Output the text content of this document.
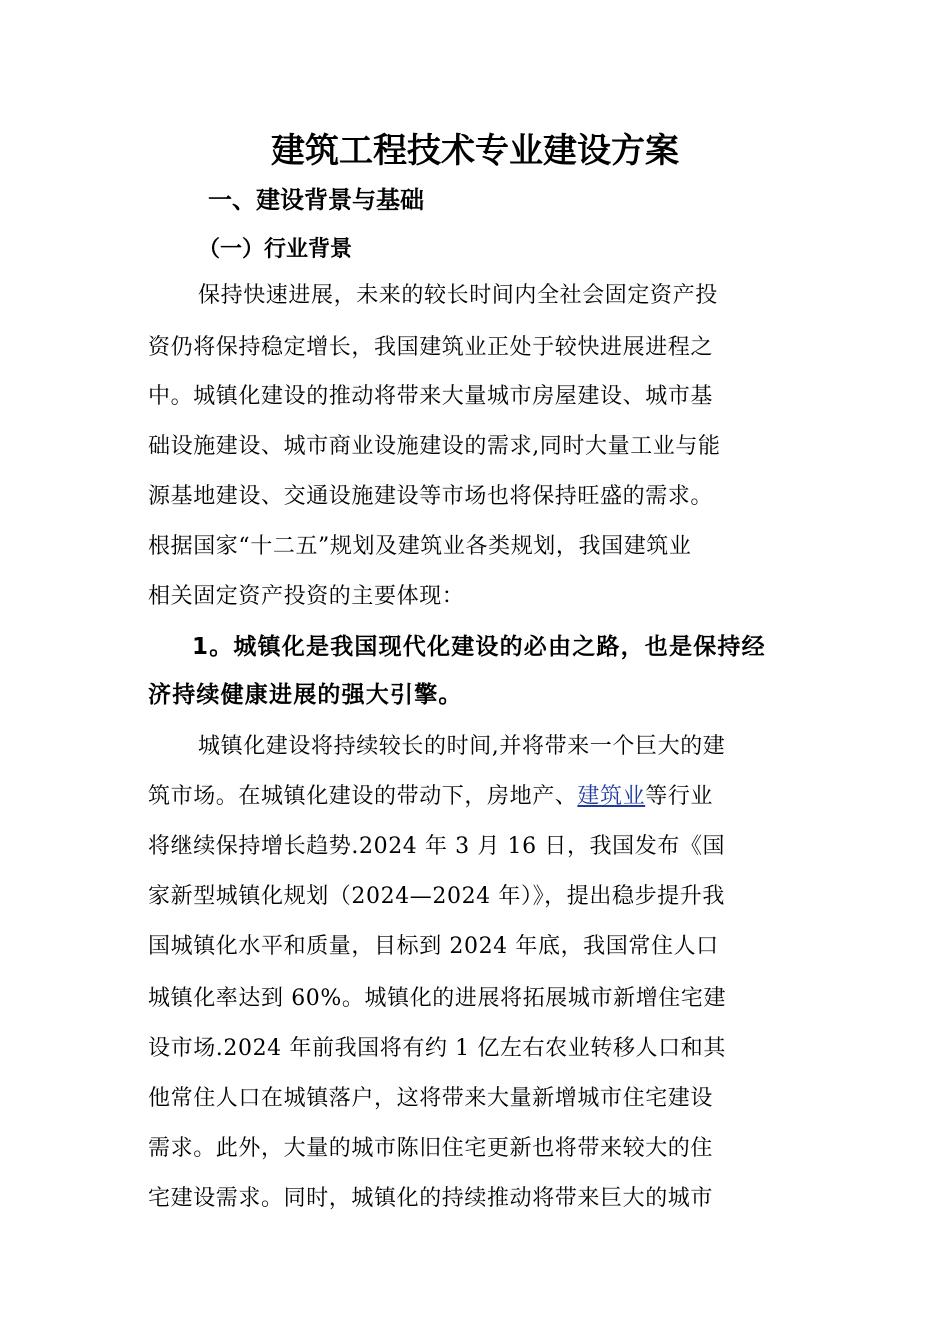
建筑工程技术专业建设方案
一、建设背景与基础
（一）行业背景

保持快速进展，未来的较长时间内全社会固定资产投

资仍将保持稳定增长，我国建筑业正处于较快进展进程之

中。城镇化建设的推动将带来大量城市房屋建设、城市基

础设施建设、城市商业设施建设的需求,同时大量工业与能

源基地建设、交通设施建设等市场也将保持旺盛的需求。

根据国家“十二五”规划及建筑业各类规划，我国建筑业

相关固定资产投资的主要体现：

1。城镇化是我国现代化建设的必由之路，也是保持经

济持续健康进展的强大引擎。

城镇化建设将持续较长的时间,并将带来一个巨大的建

筑市场。在城镇化建设的带动下，房地产、建筑业等行业

将继续保持增长趋势.2024 年 3 月 16 日，我国发布《国

家新型城镇化规划（2024—2024 年）》，提出稳步提升我

国城镇化水平和质量，目标到 2024 年底，我国常住人口

城镇化率达到 60%。城镇化的进展将拓展城市新增住宅建

设市场.2024 年前我国将有约 1 亿左右农业转移人口和其

他常住人口在城镇落户，这将带来大量新增城市住宅建设

需求。此外，大量的城市陈旧住宅更新也将带来较大的住

宅建设需求。同时，城镇化的持续推动将带来巨大的城市
